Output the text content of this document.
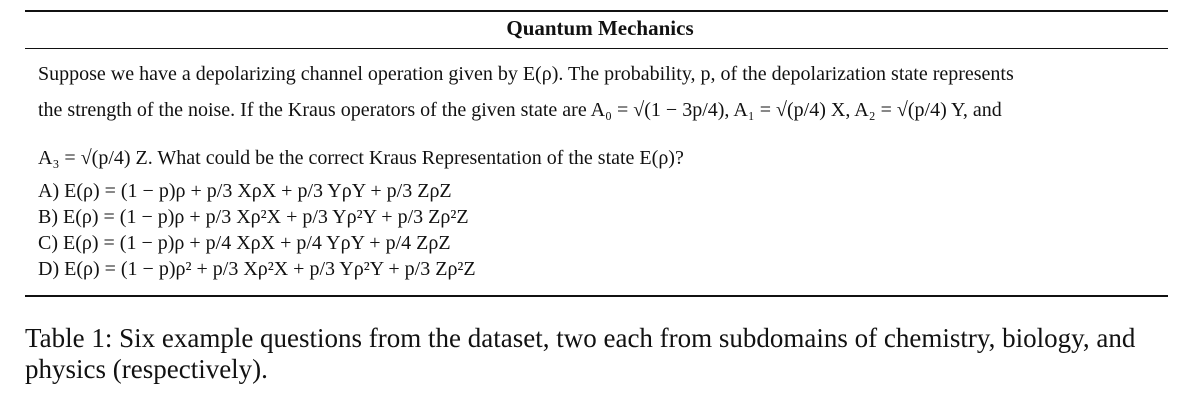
Quantum Mechanics
Suppose we have a depolarizing channel operation given by E(ρ). The probability, p, of the depolarization state represents
the strength of the noise. If the Kraus operators of the given state are A₀ = √(1 − 3p/4), A₁ = √(p/4) X, A₂ = √(p/4) Y, and
A₃ = √(p/4) Z. What could be the correct Kraus Representation of the state E(ρ)?
A) E(ρ) = (1 − p)ρ + p/3 XρX + p/3 YρY + p/3 ZρZ
B) E(ρ) = (1 − p)ρ + p/3 Xρ²X + p/3 Yρ²Y + p/3 Zρ²Z
C) E(ρ) = (1 − p)ρ + p/4 XρX + p/4 YρY + p/4 ZρZ
D) E(ρ) = (1 − p)ρ² + p/3 Xρ²X + p/3 Yρ²Y + p/3 Zρ²Z
Table 1: Six example questions from the dataset, two each from subdomains of chemistry, biology, and physics (respectively).
